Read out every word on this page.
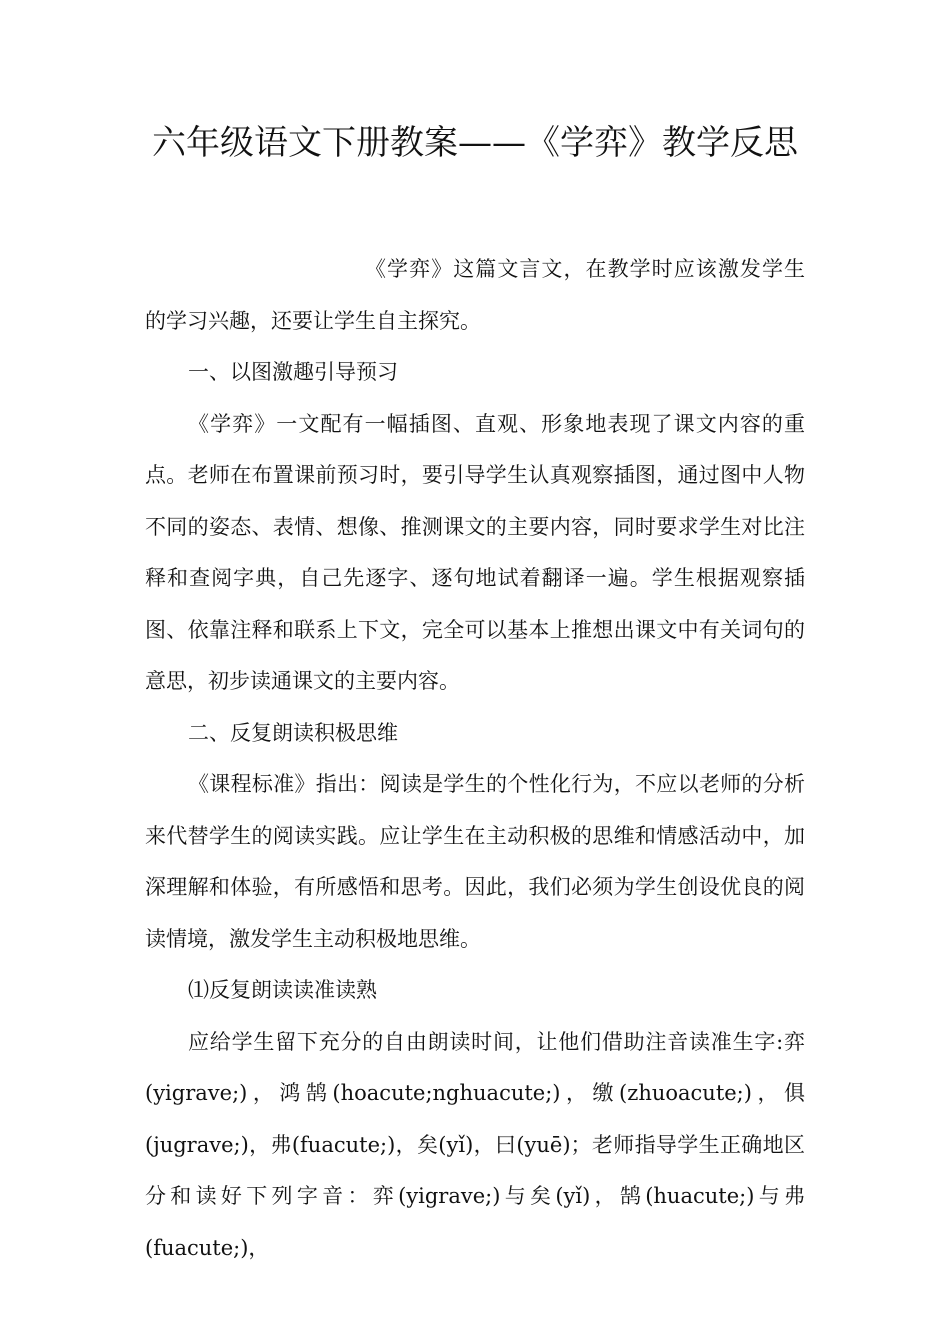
六年级语文下册教案——《学弈》教学反思

《学弈》这篇文言文，在教学时应该激发学生的学习兴趣，还要让学生自主探究。

一、以图激趣引导预习

《学弈》一文配有一幅插图、直观、形象地表现了课文内容的重点。老师在布置课前预习时，要引导学生认真观察插图，通过图中人物不同的姿态、表情、想像、推测课文的主要内容，同时要求学生对比注释和查阅字典，自己先逐字、逐句地试着翻译一遍。学生根据观察插图、依靠注释和联系上下文，完全可以基本上推想出课文中有关词句的意思，初步读通课文的主要内容。

二、反复朗读积极思维

《课程标准》指出：阅读是学生的个性化行为，不应以老师的分析来代替学生的阅读实践。应让学生在主动积极的思维和情感活动中，加深理解和体验，有所感悟和思考。因此，我们必须为学生创设优良的阅读情境，激发学生主动积极地思维。

⑴反复朗读读准读熟

应给学生留下充分的自由朗读时间，让他们借助注音读准生字:弈(yigrave;)，鸿鹄(hoacute;nghuacute;)，缴(zhuoacute;)，俱(jugrave;)，弗(fuacute;)，矣(yǐ)，曰(yuē)；老师指导学生正确地区分和读好下列字音：弈(yigrave;)与矣(yǐ)，鹄(huacute;)与弗(fuacute;)，
